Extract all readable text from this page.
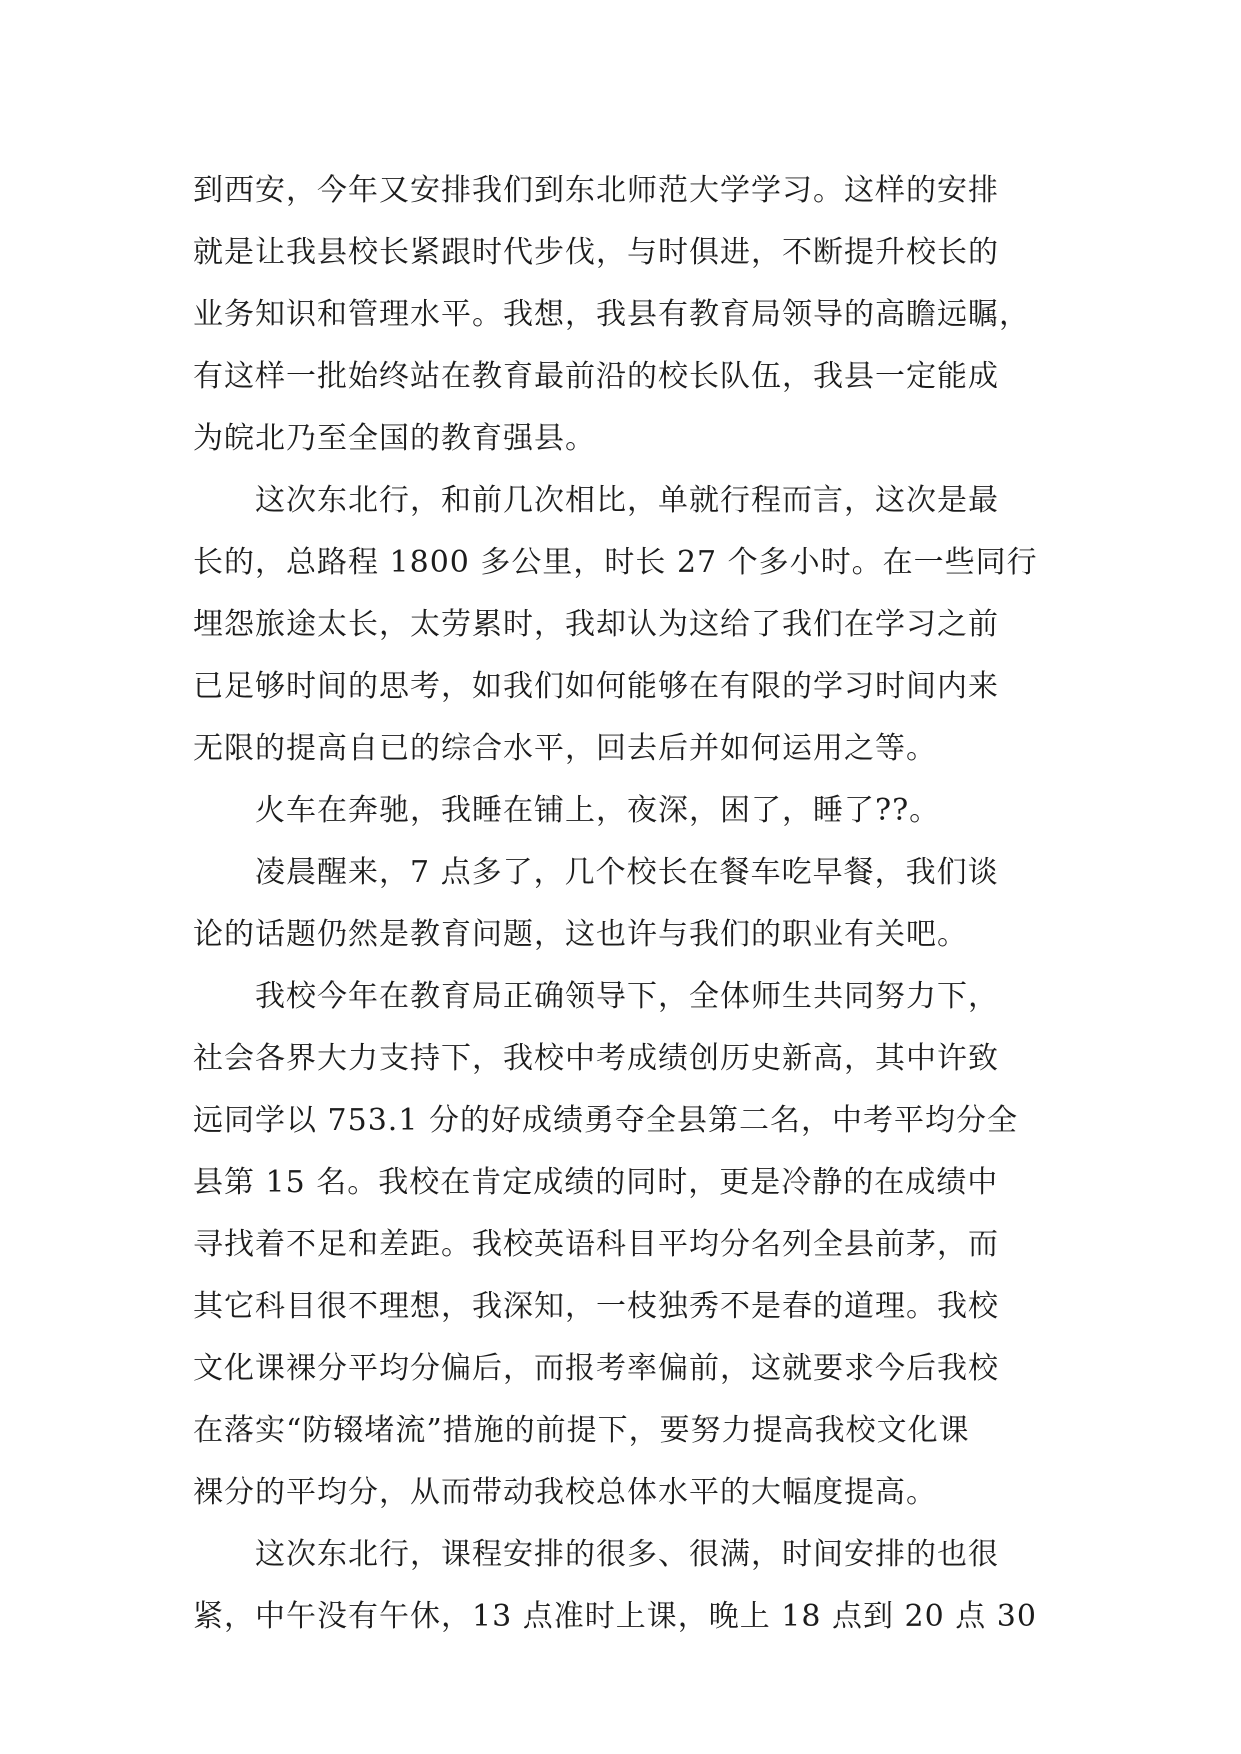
到西安，今年又安排我们到东北师范大学学习。这样的安排
就是让我县校长紧跟时代步伐，与时俱进，不断提升校长的
业务知识和管理水平。我想，我县有教育局领导的高瞻远瞩，
有这样一批始终站在教育最前沿的校长队伍，我县一定能成
为皖北乃至全国的教育强县。
这次东北行，和前几次相比，单就行程而言，这次是最
长的，总路程 1800 多公里，时长 27 个多小时。在一些同行
埋怨旅途太长，太劳累时，我却认为这给了我们在学习之前
已足够时间的思考，如我们如何能够在有限的学习时间内来
无限的提高自已的综合水平，回去后并如何运用之等。
火车在奔驰，我睡在铺上，夜深，困了，睡了??。
凌晨醒来，7 点多了，几个校长在餐车吃早餐，我们谈
论的话题仍然是教育问题，这也许与我们的职业有关吧。
我校今年在教育局正确领导下，全体师生共同努力下，
社会各界大力支持下，我校中考成绩创历史新高，其中许致
远同学以 753.1 分的好成绩勇夺全县第二名，中考平均分全
县第 15 名。我校在肯定成绩的同时，更是冷静的在成绩中
寻找着不足和差距。我校英语科目平均分名列全县前茅，而
其它科目很不理想，我深知，一枝独秀不是春的道理。我校
文化课裸分平均分偏后，而报考率偏前，这就要求今后我校
在落实“防辍堵流”措施的前提下，要努力提高我校文化课
裸分的平均分，从而带动我校总体水平的大幅度提高。
这次东北行，课程安排的很多、很满，时间安排的也很
紧，中午没有午休，13 点准时上课，晚上 18 点到 20 点 30
